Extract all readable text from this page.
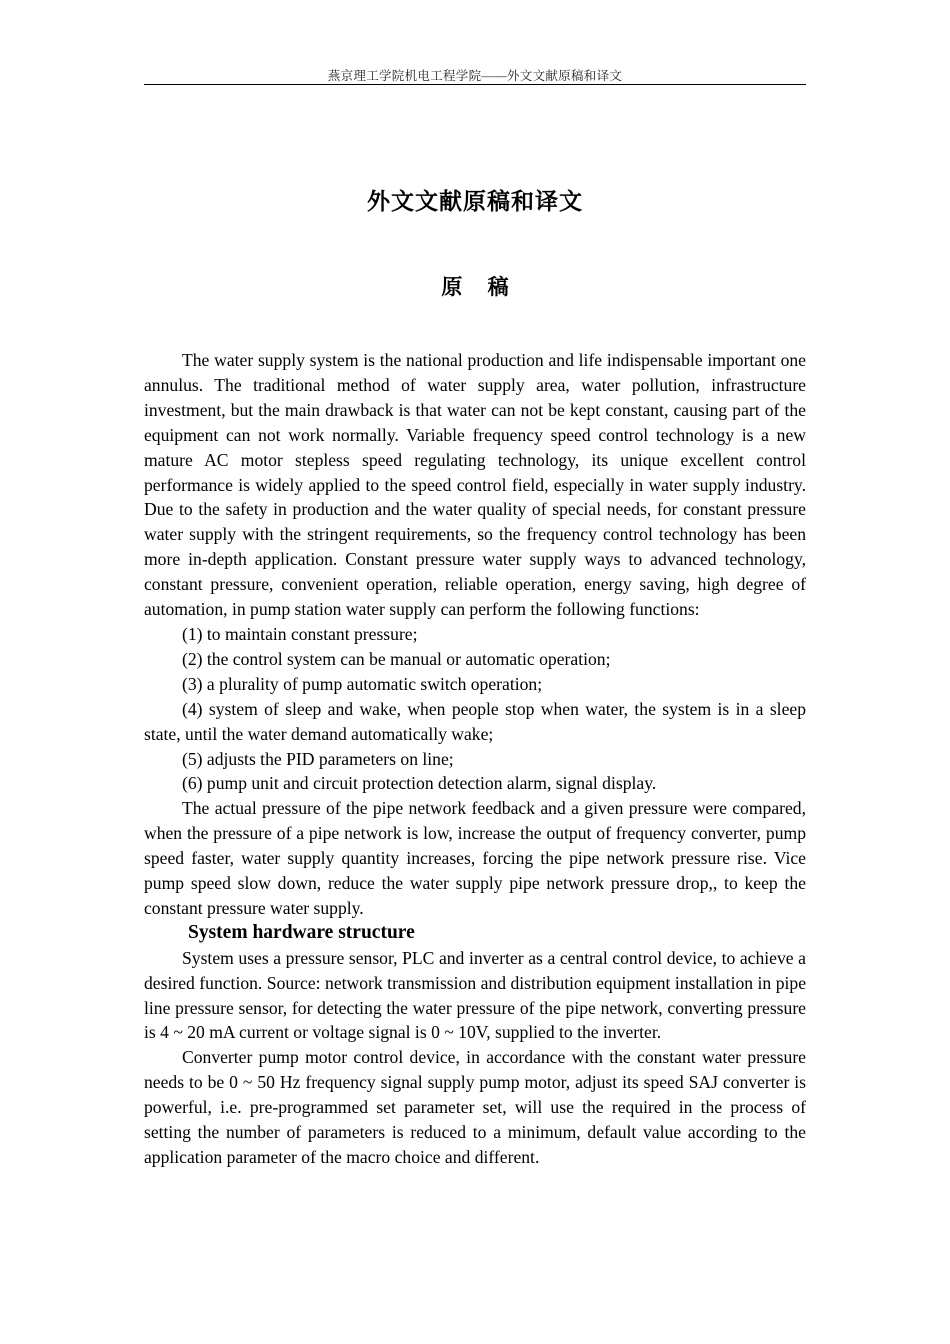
燕京理工学院机电工程学院——外文文献原稿和译文
外文文献原稿和译文
原 稿

The water supply system is the national production and life indispensable important one annulus. The traditional method of water supply area, water pollution, infrastructure investment, but the main drawback is that water can not be kept constant, causing part of the equipment can not work normally. Variable frequency speed control technology is a new mature AC motor stepless speed regulating technology, its unique excellent control performance is widely applied to the speed control field, especially in water supply industry. Due to the safety in production and the water quality of special needs, for constant pressure water supply with the stringent requirements, so the frequency control technology has been more in-depth application. Constant pressure water supply ways to advanced technology, constant pressure, convenient operation, reliable operation, energy saving, high degree of automation, in pump station water supply can perform the following functions:

(1) to maintain constant pressure;

(2) the control system can be manual or automatic operation;

(3) a plurality of pump automatic switch operation;

(4) system of sleep and wake, when people stop when water, the system is in a sleep state, until the water demand automatically wake;

(5) adjusts the PID parameters on line;

(6) pump unit and circuit protection detection alarm, signal display.

The actual pressure of the pipe network feedback and a given pressure were compared, when the pressure of a pipe network is low, increase the output of frequency converter, pump speed faster, water supply quantity increases, forcing the pipe network pressure rise. Vice pump speed slow down, reduce the water supply pipe network pressure drop,, to keep the constant pressure water supply.

System hardware structure

System uses a pressure sensor, PLC and inverter as a central control device, to achieve a desired function. Source: network transmission and distribution equipment installation in pipe line pressure sensor, for detecting the water pressure of the pipe network, converting pressure is 4 ~ 20 mA current or voltage signal is 0 ~ 10V, supplied to the inverter.

Converter pump motor control device, in accordance with the constant water pressure needs to be 0 ~ 50 Hz frequency signal supply pump motor, adjust its speed SAJ converter is powerful, i.e. pre-programmed set parameter set, will use the required in the process of setting the number of parameters is reduced to a minimum, default value according to the application parameter of the macro choice and different.
